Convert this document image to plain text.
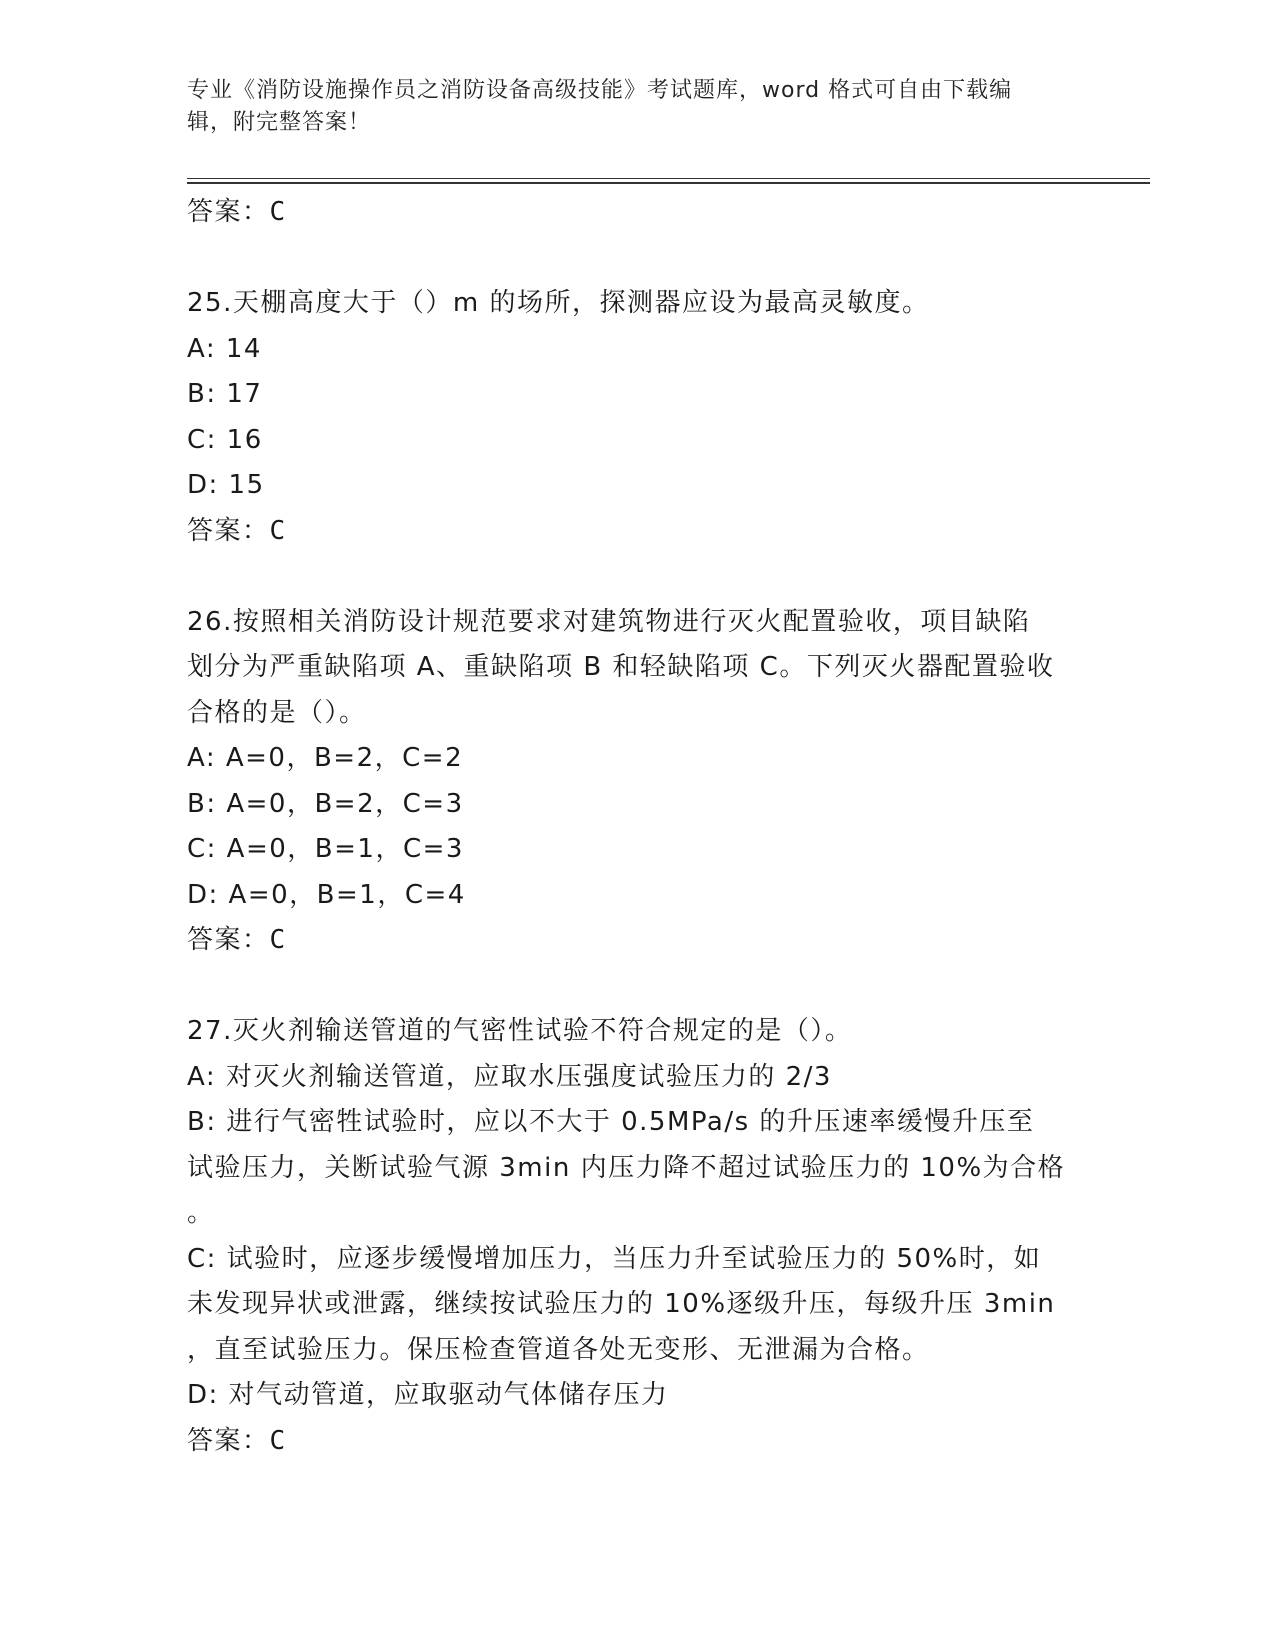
专业《消防设施操作员之消防设备高级技能》考试题库，word 格式可自由下载编
辑，附完整答案！

答案：C

25.天棚高度大于（）m 的场所，探测器应设为最高灵敏度。

A: 14

B: 17

C: 16

D: 15

答案：C

26.按照相关消防设计规范要求对建筑物进行灭火配置验收，项目缺陷

划分为严重缺陷项 A、重缺陷项 B 和轻缺陷项 C。下列灭火器配置验收

合格的是（）。

A: A=0，B=2，C=2

B: A=0，B=2，C=3

C: A=0，B=1，C=3

D: A=0，B=1，C=4

答案：C

27.灭火剂输送管道的气密性试验不符合规定的是（）。

A: 对灭火剂输送管道，应取水压强度试验压力的 2/3

B: 进行气密牲试验时，应以不大于 0.5MPa/s 的升压速率缓慢升压至

试验压力，关断试验气源 3min 内压力降不超过试验压力的 10%为合格

。

C: 试验时，应逐步缓慢增加压力，当压力升至试验压力的 50%时，如

未发现异状或泄露，继续按试验压力的 10%逐级升压，每级升压 3min

，直至试验压力。保压检查管道各处无变形、无泄漏为合格。

D: 对气动管道，应取驱动气体储存压力

答案：C
